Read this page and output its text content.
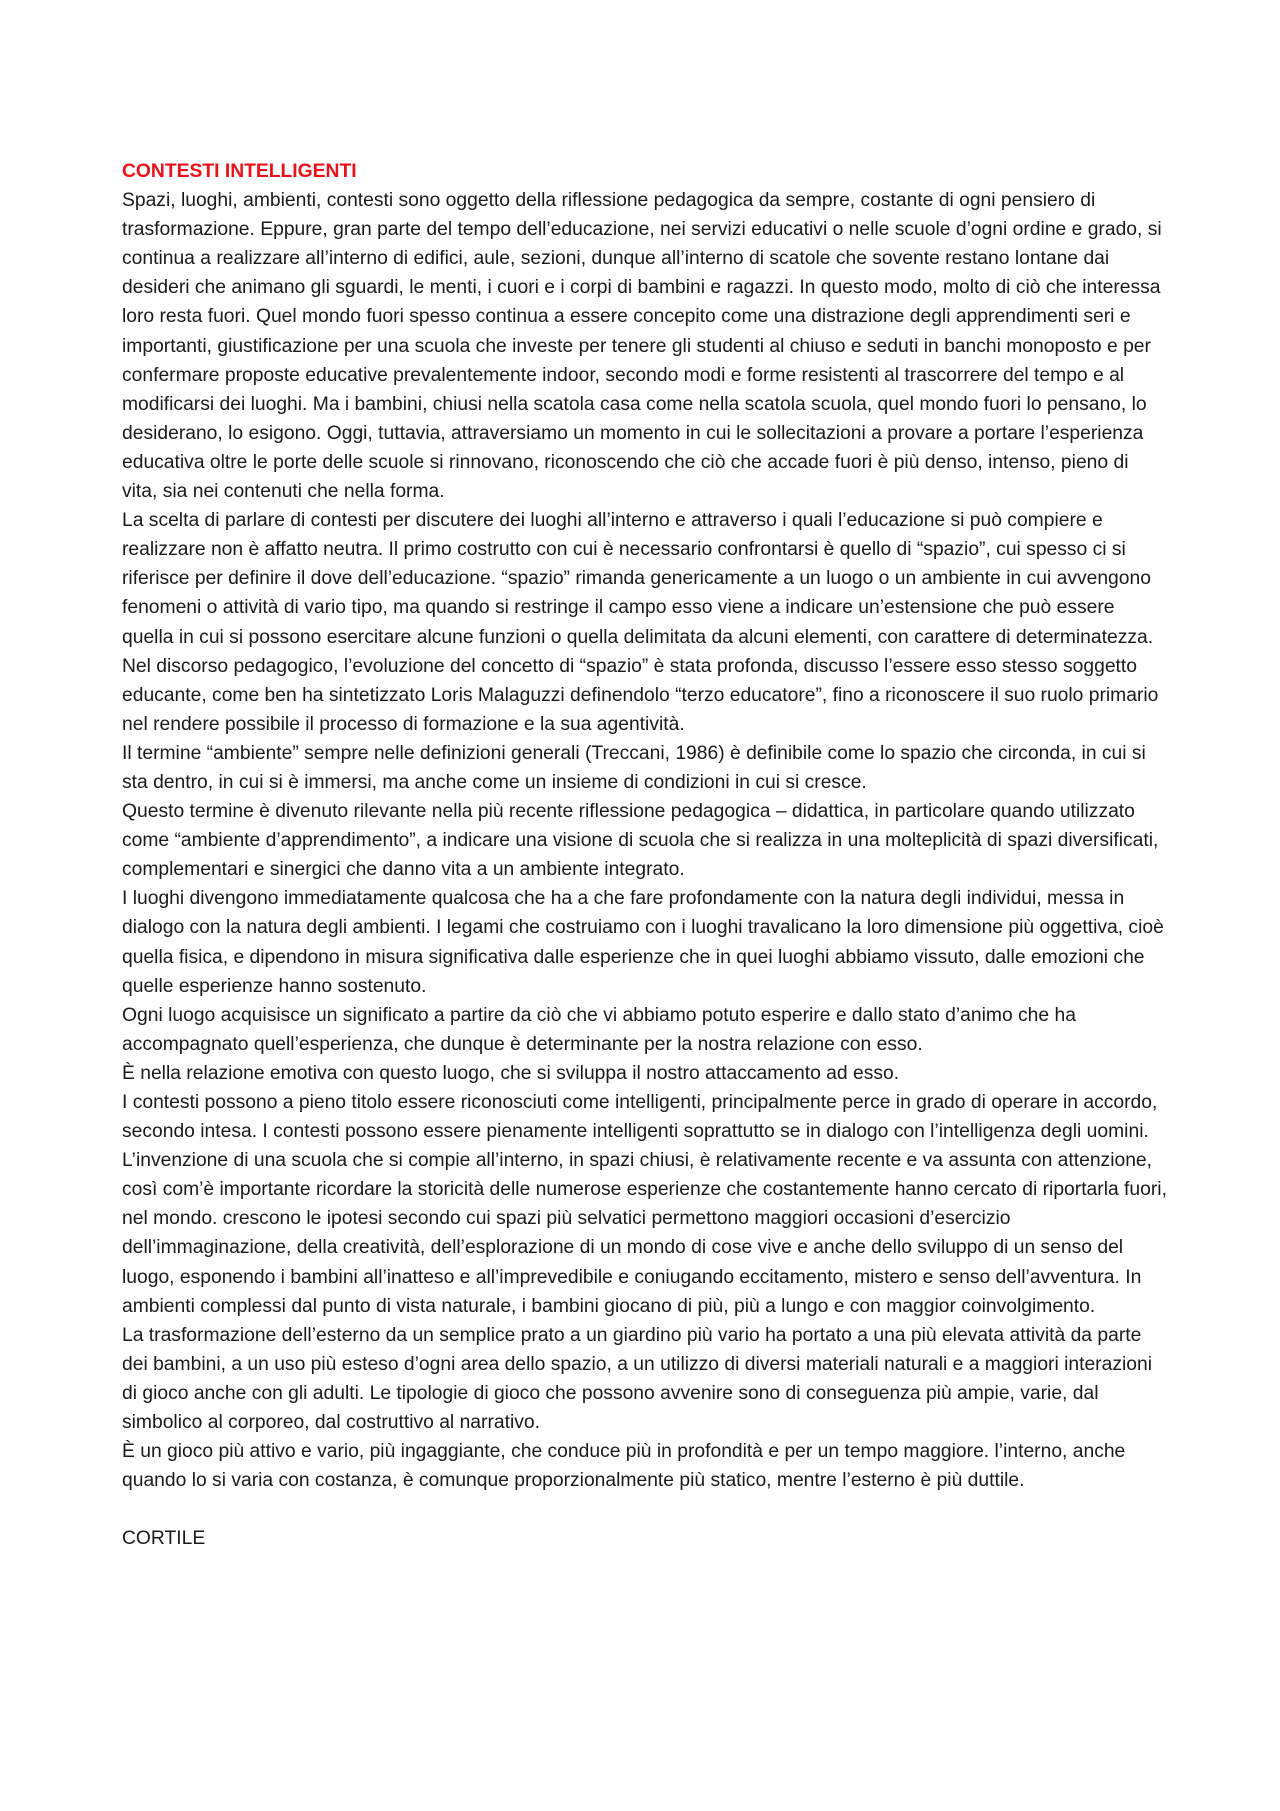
CONTESTI INTELLIGENTI

Spazi, luoghi, ambienti, contesti sono oggetto della riflessione pedagogica da sempre, costante di ogni pensiero di trasformazione. Eppure, gran parte del tempo dell’educazione, nei servizi educativi o nelle scuole d’ogni ordine e grado, si continua a realizzare all’interno di edifici, aule, sezioni, dunque all’interno di scatole che sovente restano lontane dai desideri che animano gli sguardi, le menti, i cuori e i corpi di bambini e ragazzi. In questo modo, molto di ciò che interessa loro resta fuori. Quel mondo fuori spesso continua a essere concepito come una distrazione degli apprendimenti seri e importanti, giustificazione per una scuola che investe per tenere gli studenti al chiuso e seduti in banchi monoposto e per confermare proposte educative prevalentemente indoor, secondo modi e forme resistenti al trascorrere del tempo e al modificarsi dei luoghi. Ma i bambini, chiusi nella scatola casa come nella scatola scuola, quel mondo fuori lo pensano, lo desiderano, lo esigono. Oggi, tuttavia, attraversiamo un momento in cui le sollecitazioni a provare a portare l’esperienza educativa oltre le porte delle scuole si rinnovano, riconoscendo che ciò che accade fuori è più denso, intenso, pieno di vita, sia nei contenuti che nella forma.

La scelta di parlare di contesti per discutere dei luoghi all’interno e attraverso i quali l’educazione si può compiere e realizzare non è affatto neutra. Il primo costrutto con cui è necessario confrontarsi è quello di “spazio”, cui spesso ci si riferisce per definire il dove dell’educazione. “spazio” rimanda genericamente a un luogo o un ambiente in cui avvengono fenomeni o attività di vario tipo, ma quando si restringe il campo esso viene a indicare un’estensione che può essere quella in cui si possono esercitare alcune funzioni o quella delimitata da alcuni elementi, con carattere di determinatezza.

Nel discorso pedagogico, l’evoluzione del concetto di “spazio” è stata profonda, discusso l’essere esso stesso soggetto educante, come ben ha sintetizzato Loris Malaguzzi definendolo “terzo educatore”, fino a riconoscere il suo ruolo primario nel rendere possibile il processo di formazione e la sua agentività.

Il termine “ambiente” sempre nelle definizioni generali (Treccani, 1986) è definibile come lo spazio che circonda, in cui si sta dentro, in cui si è immersi, ma anche come un insieme di condizioni in cui si cresce.

Questo termine è divenuto rilevante nella più recente riflessione pedagogica – didattica, in particolare quando utilizzato come “ambiente d’apprendimento”, a indicare una visione di scuola che si realizza in una molteplicità di spazi diversificati, complementari e sinergici che danno vita a un ambiente integrato.

I luoghi divengono immediatamente qualcosa che ha a che fare profondamente con la natura degli individui, messa in dialogo con la natura degli ambienti. I legami che costruiamo con i luoghi travalicano la loro dimensione più oggettiva, cioè quella fisica, e dipendono in misura significativa dalle esperienze che in quei luoghi abbiamo vissuto, dalle emozioni che quelle esperienze hanno sostenuto.

Ogni luogo acquisisce un significato a partire da ciò che vi abbiamo potuto esperire e dallo stato d’animo che ha accompagnato quell’esperienza, che dunque è determinante per la nostra relazione con esso.

È nella relazione emotiva con questo luogo, che si sviluppa il nostro attaccamento ad esso.

I contesti possono a pieno titolo essere riconosciuti come intelligenti, principalmente perce in grado di operare in accordo, secondo intesa. I contesti possono essere pienamente intelligenti soprattutto se in dialogo con l’intelligenza degli uomini.

L’invenzione di una scuola che si compie all’interno, in spazi chiusi, è relativamente recente e va assunta con attenzione, così com’è importante ricordare la storicità delle numerose esperienze che costantemente hanno cercato di riportarla fuori, nel mondo. crescono le ipotesi secondo cui spazi più selvatici permettono maggiori occasioni d’esercizio dell’immaginazione, della creatività, dell’esplorazione di un mondo di cose vive e anche dello sviluppo di un senso del luogo, esponendo i bambini all’inatteso e all’imprevedibile e coniugando eccitamento, mistero e senso dell’avventura. In ambienti complessi dal punto di vista naturale, i bambini giocano di più, più a lungo e con maggior coinvolgimento.

La trasformazione dell’esterno da un semplice prato a un giardino più vario ha portato a una più elevata attività da parte dei bambini, a un uso più esteso d’ogni area dello spazio, a un utilizzo di diversi materiali naturali e a maggiori interazioni di gioco anche con gli adulti. Le tipologie di gioco che possono avvenire sono di conseguenza più ampie, varie, dal simbolico al corporeo, dal costruttivo al narrativo.

È un gioco più attivo e vario, più ingaggiante, che conduce più in profondità e per un tempo maggiore. l’interno, anche quando lo si varia con costanza, è comunque proporzionalmente più statico, mentre l’esterno è più duttile.

CORTILE
